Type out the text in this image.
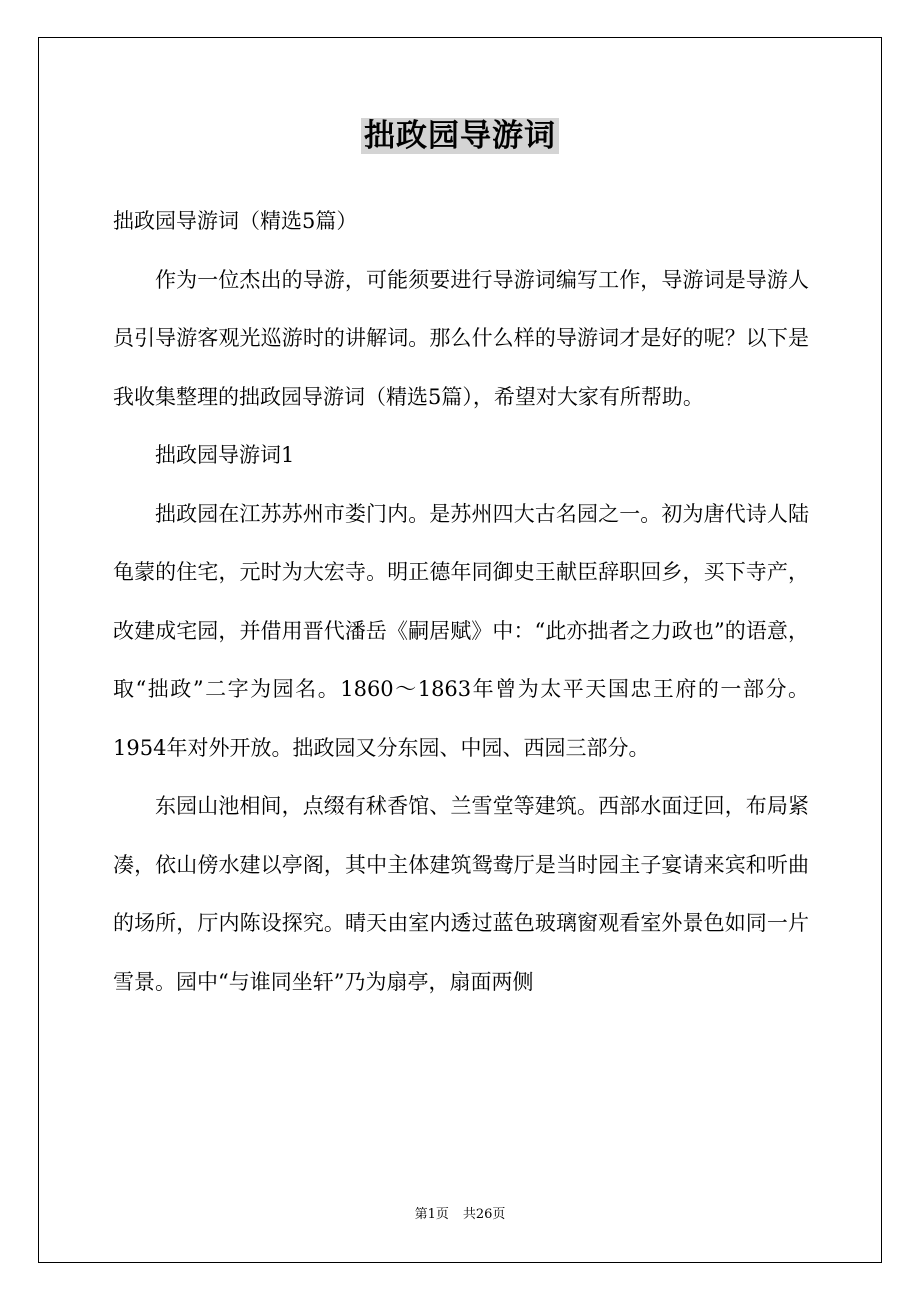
拙政园导游词

拙政园导游词（精选5篇）

作为一位杰出的导游，可能须要进行导游词编写工作，导游词是导游人员引导游客观光巡游时的讲解词。那么什么样的导游词才是好的呢？以下是我收集整理的拙政园导游词（精选5篇），希望对大家有所帮助。

拙政园导游词1

拙政园在江苏苏州市娄门内。是苏州四大古名园之一。初为唐代诗人陆龟蒙的住宅，元时为大宏寺。明正德年同御史王献臣辞职回乡，买下寺产，改建成宅园，并借用晋代潘岳《嗣居赋》中：“此亦拙者之力政也”的语意，取“拙政”二字为园名。1860～1863年曾为太平天国忠王府的一部分。1954年对外开放。拙政园又分东园、中园、西园三部分。

东园山池相间，点缀有秫香馆、兰雪堂等建筑。西部水面迂回，布局紧凑，依山傍水建以亭阁，其中主体建筑鸳鸯厅是当时园主子宴请来宾和听曲的场所，厅内陈设探究。晴天由室内透过蓝色玻璃窗观看室外景色如同一片雪景。园中“与谁同坐轩”乃为扇亭，扇面两侧

第1页 共26页
